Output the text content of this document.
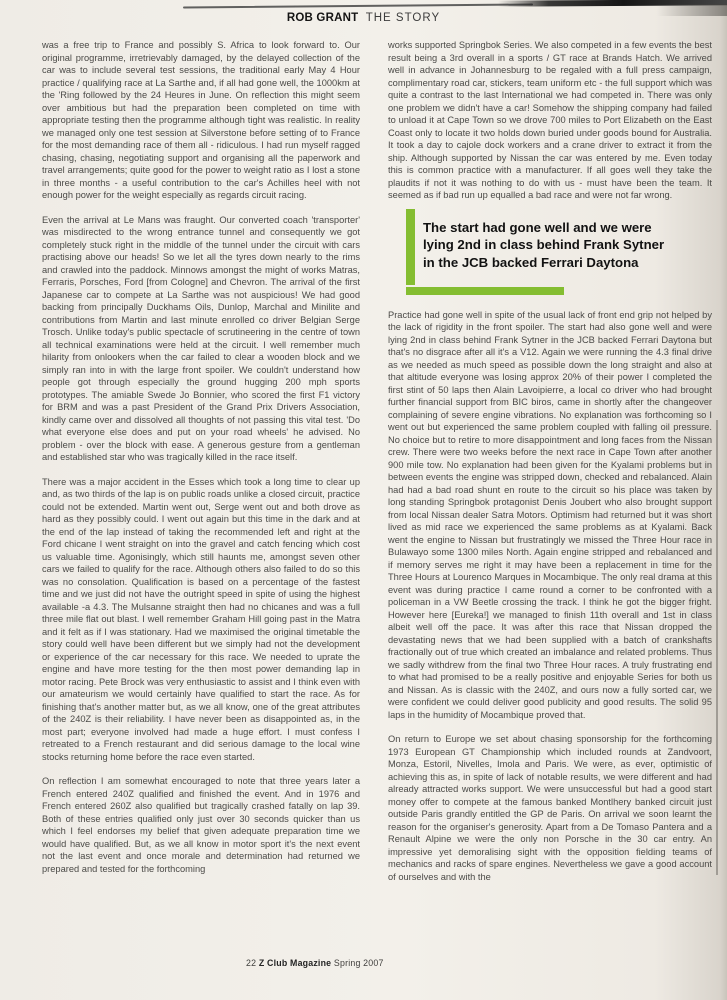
ROB GRANT THE STORY

was a free trip to France and possibly S. Africa to look forward to. Our original programme, irretrievably damaged, by the delayed collection of the car was to include several test sessions, the traditional early May 4 Hour practice / qualifying race at La Sarthe and, if all had gone well, the 1000km at the 'Ring followed by the 24 Heures in June. On reflection this might seem over ambitious but had the preparation been completed on time with appropriate testing then the programme although tight was realistic. In reality we managed only one test session at Silverstone before setting of to France for the most demanding race of them all - ridiculous. I had run myself ragged chasing, chasing, negotiating support and organising all the paperwork and travel arrangements; quite good for the power to weight ratio as I lost a stone in three months - a useful contribution to the car's Achilles heel with not enough power for the weight especially as regards circuit racing.

Even the arrival at Le Mans was fraught. Our converted coach 'transporter' was misdirected to the wrong entrance tunnel and consequently we got completely stuck right in the middle of the tunnel under the circuit with cars practising above our heads! So we let all the tyres down nearly to the rims and crawled into the paddock. Minnows amongst the might of works Matras, Ferraris, Porsches, Ford [from Cologne] and Chevron. The arrival of the first Japanese car to compete at La Sarthe was not auspicious! We had good backing from principally Duckhams Oils, Dunlop, Marchal and Minilite and contributions from Martin and last minute enrolled co driver Belgian Serge Trosch. Unlike today's public spectacle of scrutineering in the centre of town all technical examinations were held at the circuit. I well remember much hilarity from onlookers when the car failed to clear a wooden block and we simply ran into in with the large front spoiler. We couldn't understand how people got through especially the ground hugging 200 mph sports prototypes. The amiable Swede Jo Bonnier, who scored the first F1 victory for BRM and was a past President of the Grand Prix Drivers Association, kindly came over and dissolved all thoughts of not passing this vital test. 'Do what everyone else does and put on your road wheels' he advised. No problem - over the block with ease. A generous gesture from a gentleman and established star who was tragically killed in the race itself.

There was a major accident in the Esses which took a long time to clear up and, as two thirds of the lap is on public roads unlike a closed circuit, practice could not be extended. Martin went out, Serge went out and both drove as hard as they possibly could. I went out again but this time in the dark and at the end of the lap instead of taking the recommended left and right at the Ford chicane I went straight on into the gravel and catch fencing which cost us valuable time. Agonisingly, which still haunts me, amongst seven other cars we failed to qualify for the race. Although others also failed to do so this was no consolation. Qualification is based on a percentage of the fastest time and we just did not have the outright speed in spite of using the highest available -a 4.3. The Mulsanne straight then had no chicanes and was a full three mile flat out blast. I well remember Graham Hill going past in the Matra and it felt as if I was stationary. Had we maximised the original timetable the story could well have been different but we simply had not the development or experience of the car necessary for this race. We needed to uprate the engine and have more testing for the then most power demanding lap in motor racing. Pete Brock was very enthusiastic to assist and I think even with our amateurism we would certainly have qualified to start the race. As for finishing that's another matter but, as we all know, one of the great attributes of the 240Z is their reliability. I have never been as disappointed as, in the most part; everyone involved had made a huge effort. I must confess I retreated to a French restaurant and did serious damage to the local wine stocks returning home before the race even started.

On reflection I am somewhat encouraged to note that three years later a French entered 240Z qualified and finished the event. And in 1976 and French entered 260Z also qualified but tragically crashed fatally on lap 39. Both of these entries qualified only just over 30 seconds quicker than us which I feel endorses my belief that given adequate preparation time we would have qualified. But, as we all know in motor sport it's the next event not the last event and once morale and determination had returned we prepared and tested for the forthcoming

works supported Springbok Series. We also competed in a few events the best result being a 3rd overall in a sports / GT race at Brands Hatch. We arrived well in advance in Johannesburg to be regaled with a full press campaign, complimentary road car, stickers, team uniform etc - the full support which was quite a contrast to the last International we had competed in. There was only one problem we didn't have a car! Somehow the shipping company had failed to unload it at Cape Town so we drove 700 miles to Port Elizabeth on the East Coast only to locate it two holds down buried under goods bound for Australia. It took a day to cajole dock workers and a crane driver to extract it from the ship. Although supported by Nissan the car was entered by me. Even today this is common practice with a manufacturer. If all goes well they take the plaudits if not it was nothing to do with us - must have been the team. It seemed as if bad run up equalled a bad race and were not far wrong.

The start had gone well and we were lying 2nd in class behind Frank Sytner in the JCB backed Ferrari Daytona

Practice had gone well in spite of the usual lack of front end grip not helped by the lack of rigidity in the front spoiler. The start had also gone well and were lying 2nd in class behind Frank Sytner in the JCB backed Ferrari Daytona but that's no disgrace after all it's a V12. Again we were running the 4.3 final drive as we needed as much speed as possible down the long straight and also at that altitude everyone was losing approx 20% of their power I completed the first stint of 50 laps then Alain Lavoipierre, a local co driver who had brought further financial support from BIC biros, came in shortly after the changeover complaining of severe engine vibrations. No explanation was forthcoming so I went out but experienced the same problem coupled with falling oil pressure. No choice but to retire to more disappointment and long faces from the Nissan crew. There were two weeks before the next race in Cape Town after another 900 mile tow. No explanation had been given for the Kyalami problems but in between events the engine was stripped down, checked and rebalanced. Alain had had a bad road shunt en route to the circuit so his place was taken by long standing Springbok protagonist Denis Joubert who also brought support from local Nissan dealer Satra Motors. Optimism had returned but it was short lived as mid race we experienced the same problems as at Kyalami. Back went the engine to Nissan but frustratingly we missed the Three Hour race in Bulawayo some 1300 miles North. Again engine stripped and rebalanced and if memory serves me right it may have been a replacement in time for the Three Hours at Lourenco Marques in Mocambique. The only real drama at this event was during practice I came round a corner to be confronted with a policeman in a VW Beetle crossing the track. I think he got the bigger fright. However here [Eureka!] we managed to finish 11th overall and 1st in class albeit well off the pace. It was after this race that Nissan dropped the devastating news that we had been supplied with a batch of crankshafts fractionally out of true which created an imbalance and related problems. Thus we sadly withdrew from the final two Three Hour races. A truly frustrating end to what had promised to be a really positive and enjoyable Series for both us and Nissan. As is classic with the 240Z, and ours now a fully sorted car, we were confident we could deliver good publicity and good results. The solid 95 laps in the humidity of Mocambique proved that.

On return to Europe we set about chasing sponsorship for the forthcoming 1973 European GT Championship which included rounds at Zandvoort, Monza, Estoril, Nivelles, Imola and Paris. We were, as ever, optimistic of achieving this as, in spite of lack of notable results, we were different and had already attracted works support. We were unsuccessful but had a good start money offer to compete at the famous banked Montlhery banked circuit just outside Paris grandly entitled the GP de Paris. On arrival we soon learnt the reason for the organiser's generosity. Apart from a De Tomaso Pantera and a Renault Alpine we were the only non Porsche in the 30 car entry. An impressive yet demoralising sight with the opposition fielding teams of mechanics and racks of spare engines. Nevertheless we gave a good account of ourselves and with the

22 Z Club Magazine Spring 2007
